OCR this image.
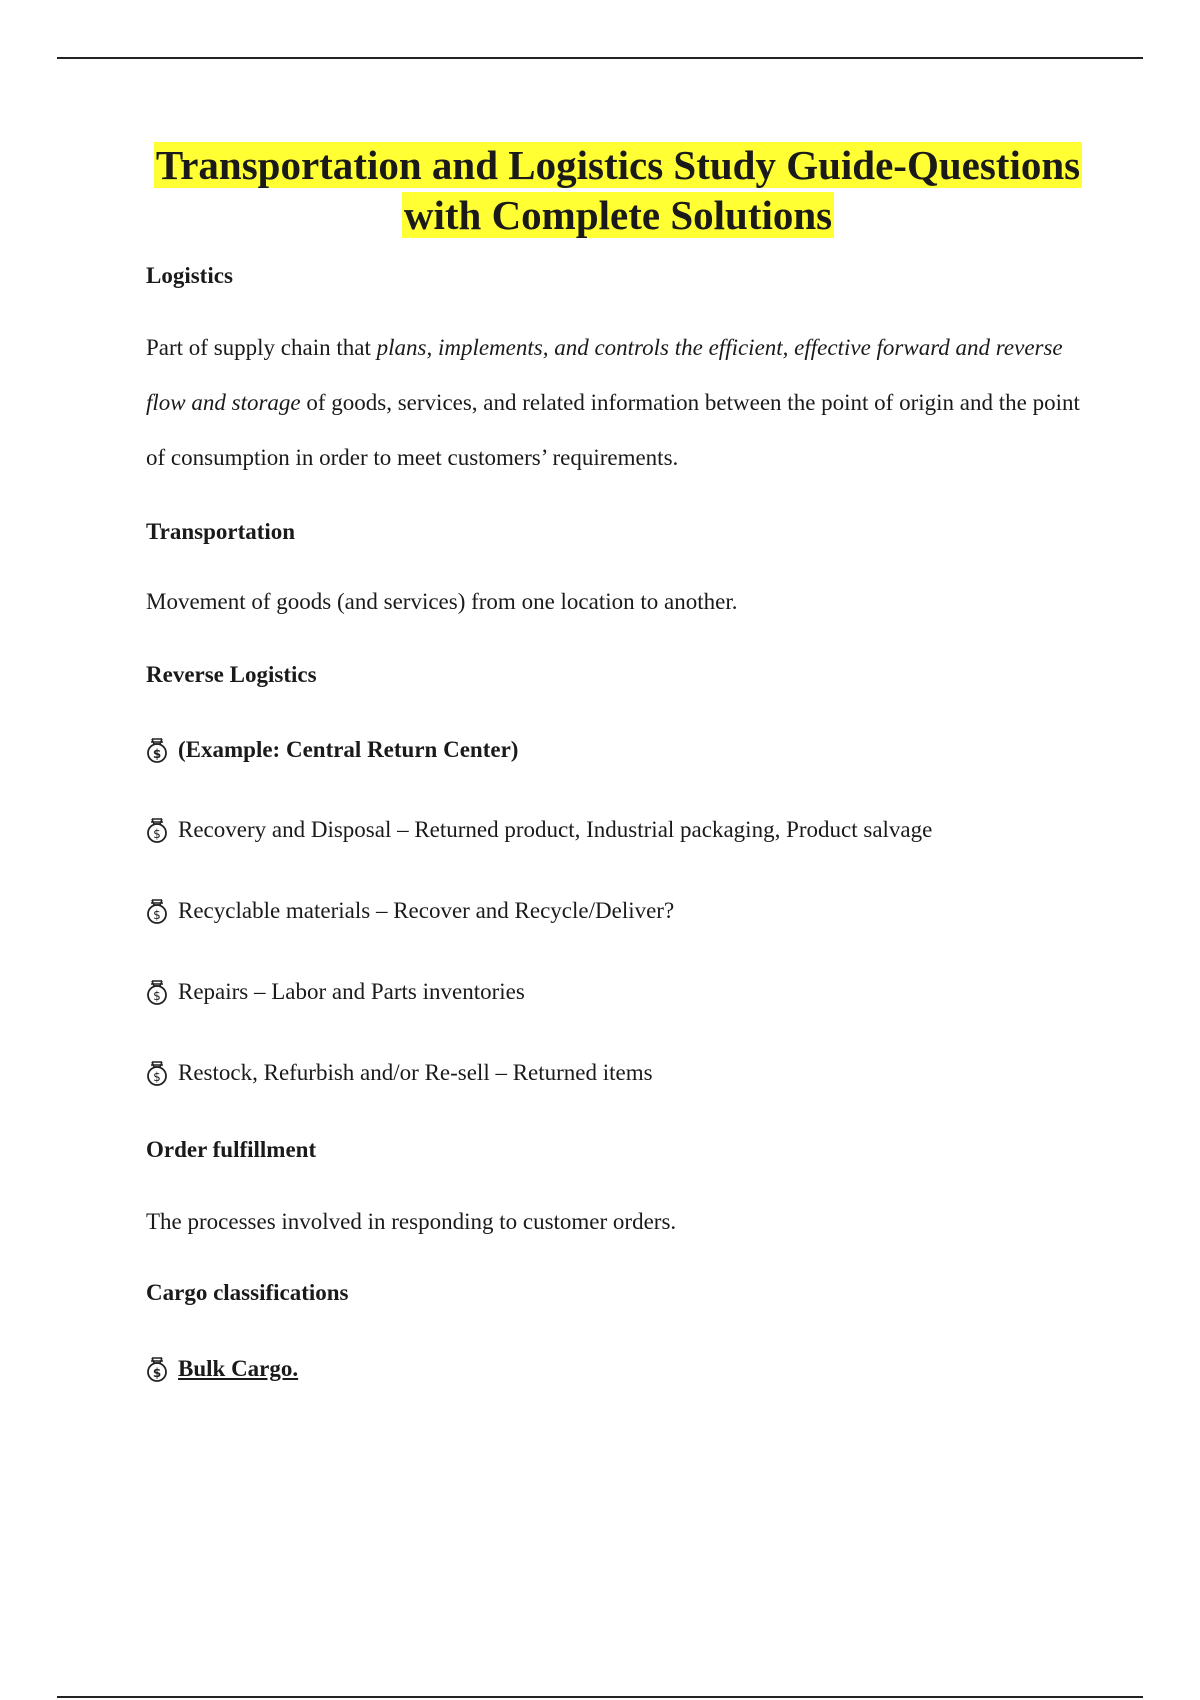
Transportation and Logistics Study Guide-Questions
with Complete Solutions
Logistics
Part of supply chain that plans, implements, and controls the efficient, effective forward and reverse flow and storage of goods, services, and related information between the point of origin and the point of consumption in order to meet customers’ requirements.
Transportation
Movement of goods (and services) from one location to another.
Reverse Logistics
$ (Example: Central Return Center)
$ Recovery and Disposal – Returned product, Industrial packaging, Product salvage
$ Recyclable materials – Recover and Recycle/Deliver?
$ Repairs – Labor and Parts inventories
$ Restock, Refurbish and/or Re-sell – Returned items
Order fulfillment
The processes involved in responding to customer orders.
Cargo classifications
$ Bulk Cargo.
